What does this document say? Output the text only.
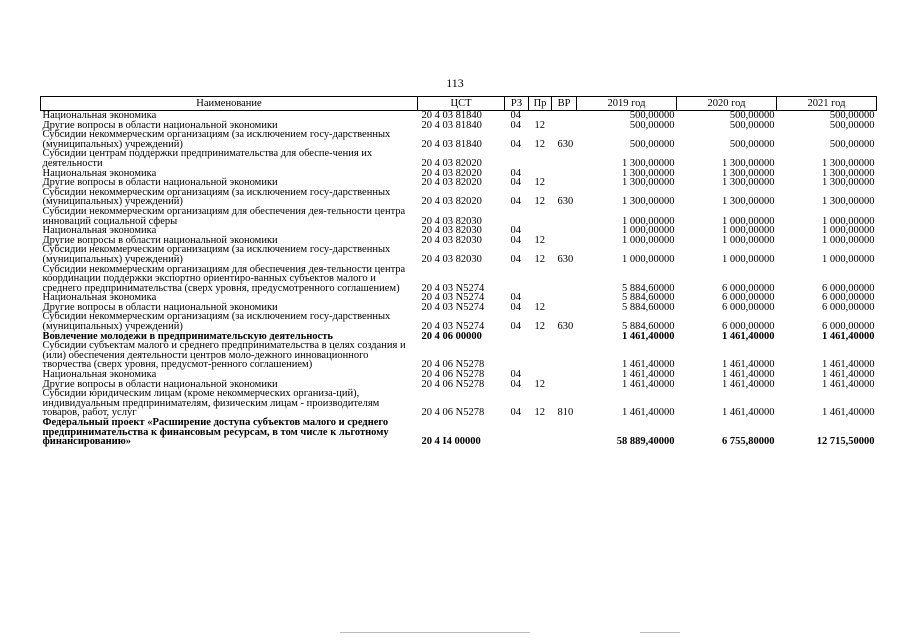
113
Наименование	ЦСТ	РЗ	Пр	ВР	2019 год	2020 год	2021 год
Национальная экономика	20 4 03 81840	04			500,00000	500,00000	500,00000
Другие вопросы в области национальной экономики	20 4 03 81840	04	12		500,00000	500,00000	500,00000
Субсидии некоммерческим организациям (за исключением госу-дарственных (муниципальных) учреждений)	20 4 03 81840	04	12	630	500,00000	500,00000	500,00000
Субсидии центрам поддержки предпринимательства для обеспе-чения их деятельности	20 4 03 82020				1 300,00000	1 300,00000	1 300,00000
Национальная экономика	20 4 03 82020	04			1 300,00000	1 300,00000	1 300,00000
Другие вопросы в области национальной экономики	20 4 03 82020	04	12		1 300,00000	1 300,00000	1 300,00000
Субсидии некоммерческим организациям (за исключением госу-дарственных (муниципальных) учреждений)	20 4 03 82020	04	12	630	1 300,00000	1 300,00000	1 300,00000
Субсидии некоммерческим организациям для обеспечения дея-тельности центра инноваций социальной сферы	20 4 03 82030				1 000,00000	1 000,00000	1 000,00000
Национальная экономика	20 4 03 82030	04			1 000,00000	1 000,00000	1 000,00000
Другие вопросы в области национальной экономики	20 4 03 82030	04	12		1 000,00000	1 000,00000	1 000,00000
Субсидии некоммерческим организациям (за исключением госу-дарственных (муниципальных) учреждений)	20 4 03 82030	04	12	630	1 000,00000	1 000,00000	1 000,00000
Субсидии некоммерческим организациям для обеспечения дея-тельности центра координации поддержки экспортно ориентиро-ванных субъектов малого и среднего предпринимательства (сверх уровня, предусмотренного соглашением)	20 4 03 N5274				5 884,60000	6 000,00000	6 000,00000
Национальная экономика	20 4 03 N5274	04			5 884,60000	6 000,00000	6 000,00000
Другие вопросы в области национальной экономики	20 4 03 N5274	04	12		5 884,60000	6 000,00000	6 000,00000
Субсидии некоммерческим организациям (за исключением госу-дарственных (муниципальных) учреждений)	20 4 03 N5274	04	12	630	5 884,60000	6 000,00000	6 000,00000
Вовлечение молодежи в предпринимательскую деятельность	20 4 06 00000				1 461,40000	1 461,40000	1 461,40000
Субсидии субъектам малого и среднего предпринимательства в целях создания и (или) обеспечения деятельности центров моло-дежного инновационного творчества (сверх уровня, предусмот-ренного соглашением)	20 4 06 N5278				1 461,40000	1 461,40000	1 461,40000
Национальная экономика	20 4 06 N5278	04			1 461,40000	1 461,40000	1 461,40000
Другие вопросы в области национальной экономики	20 4 06 N5278	04	12		1 461,40000	1 461,40000	1 461,40000
Субсидии юридическим лицам (кроме некоммерческих организа-ций), индивидуальным предпринимателям, физическим лицам - производителям товаров, работ, услуг	20 4 06 N5278	04	12	810	1 461,40000	1 461,40000	1 461,40000
Федеральный проект «Расширение доступа субъектов малого и среднего предпринимательства к финансовым ресурсам, в том числе к льготному финансированию»	20 4 I4 00000				58 889,40000	6 755,80000	12 715,50000
